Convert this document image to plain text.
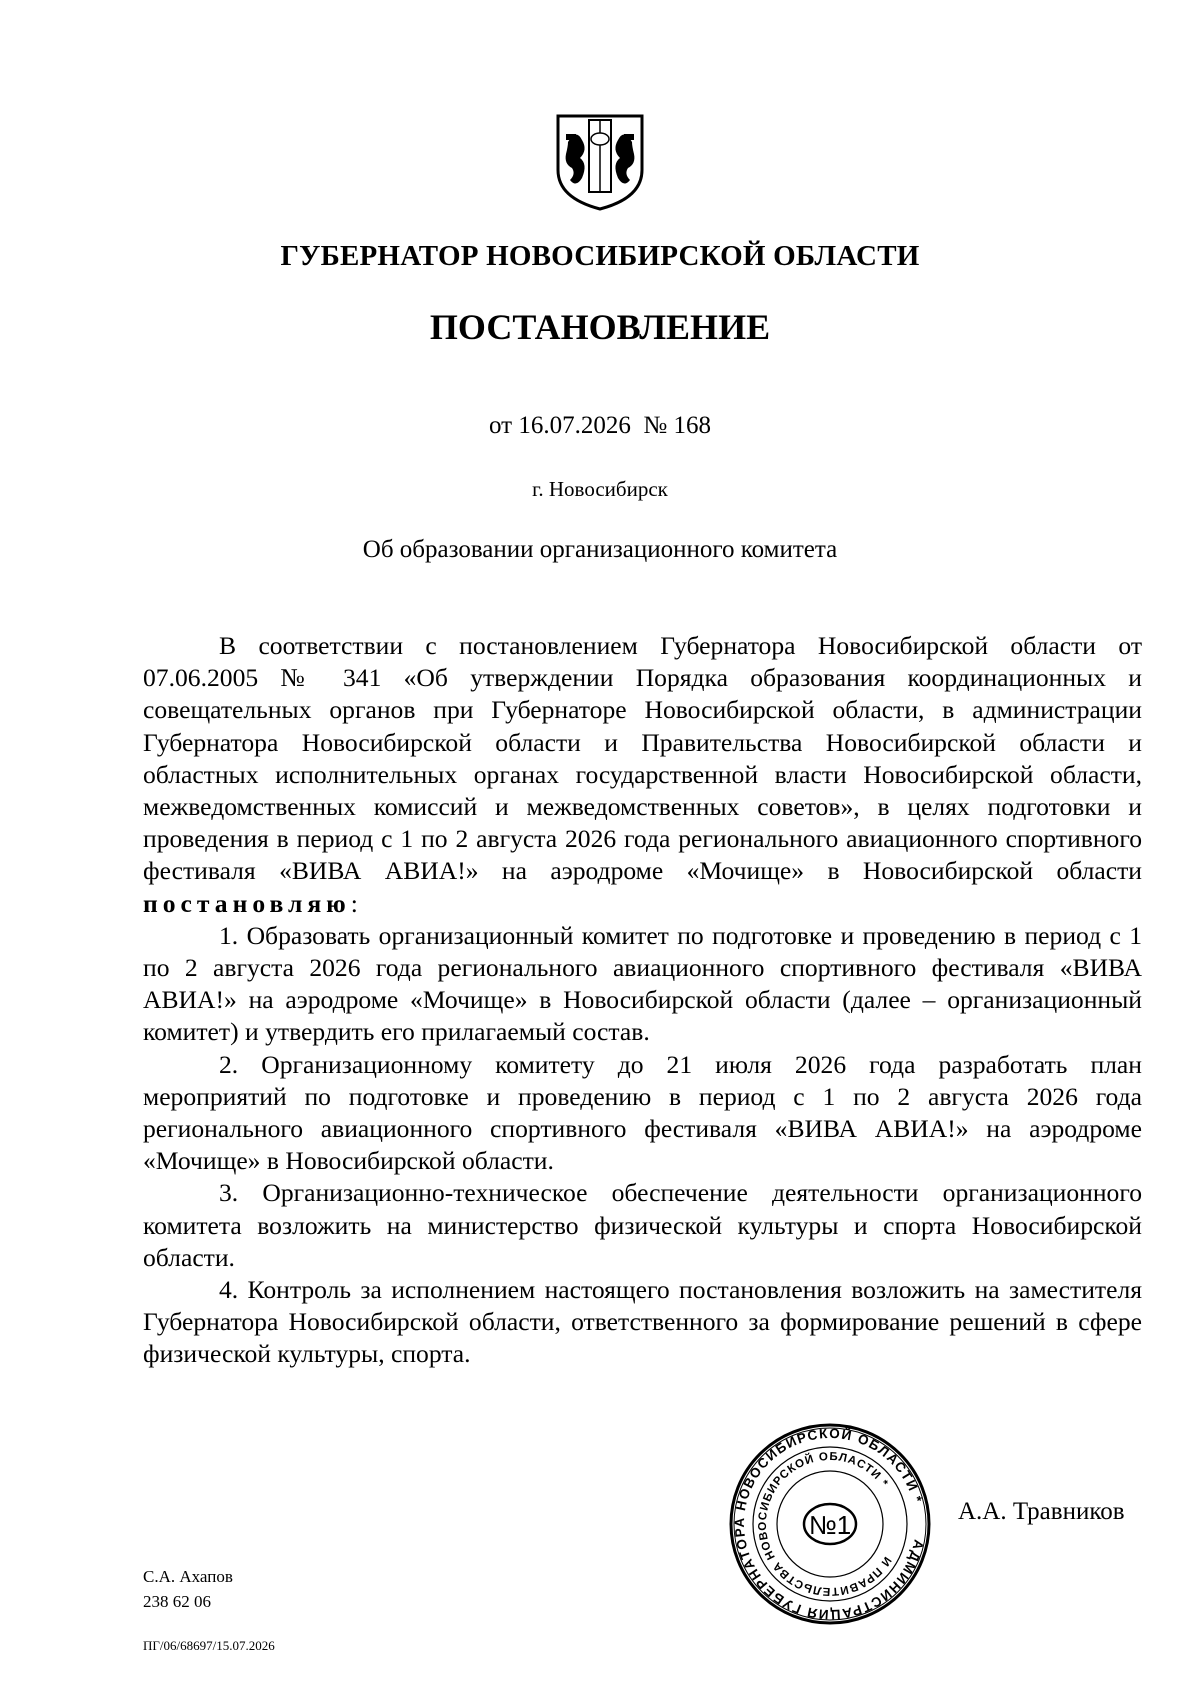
ГУБЕРНАТОР НОВОСИБИРСКОЙ ОБЛАСТИ
ПОСТАНОВЛЕНИЕ
от 16.07.2026  № 168
г. Новосибирск
Об образовании организационного комитета

В соответствии с постановлением Губернатора Новосибирской области от 07.06.2005 № 341 «Об утверждении Порядка образования координационных и совещательных органов при Губернаторе Новосибирской области, в администрации Губернатора Новосибирской области и Правительства Новосибирской области и областных исполнительных органах государственной власти Новосибирской области, межведомственных комиссий и межведомственных советов», в целях подготовки и проведения в период с 1 по 2 августа 2026 года регионального авиационного спортивного фестиваля «ВИВА АВИА!» на аэродроме «Мочище» в Новосибирской области постановляю:

1. Образовать организационный комитет по подготовке и проведению в период с 1 по 2 августа 2026 года регионального авиационного спортивного фестиваля «ВИВА АВИА!» на аэродроме «Мочище» в Новосибирской области (далее – организационный комитет) и утвердить его прилагаемый состав.

2. Организационному комитету до 21 июля 2026 года разработать план мероприятий по подготовке и проведению в период с 1 по 2 августа 2026 года регионального авиационного спортивного фестиваля «ВИВА АВИА!» на аэродроме «Мочище» в Новосибирской области.

3. Организационно-техническое обеспечение деятельности организационного комитета возложить на министерство физической культуры и спорта Новосибирской области.

4. Контроль за исполнением настоящего постановления возложить на заместителя Губернатора Новосибирской области, ответственного за формирование решений в сфере физической культуры, спорта.

АДМИНИСТРАЦИЯ ГУБЕРНАТОРА НОВОСИБИРСКОЙ ОБЛАСТИ *
И ПРАВИТЕЛЬСТВА НОВОСИБИРСКОЙ ОБЛАСТИ *
№1	А.А. Травников
С.А. Ахапов
238 62 06
ПГ/06/68697/15.07.2026
